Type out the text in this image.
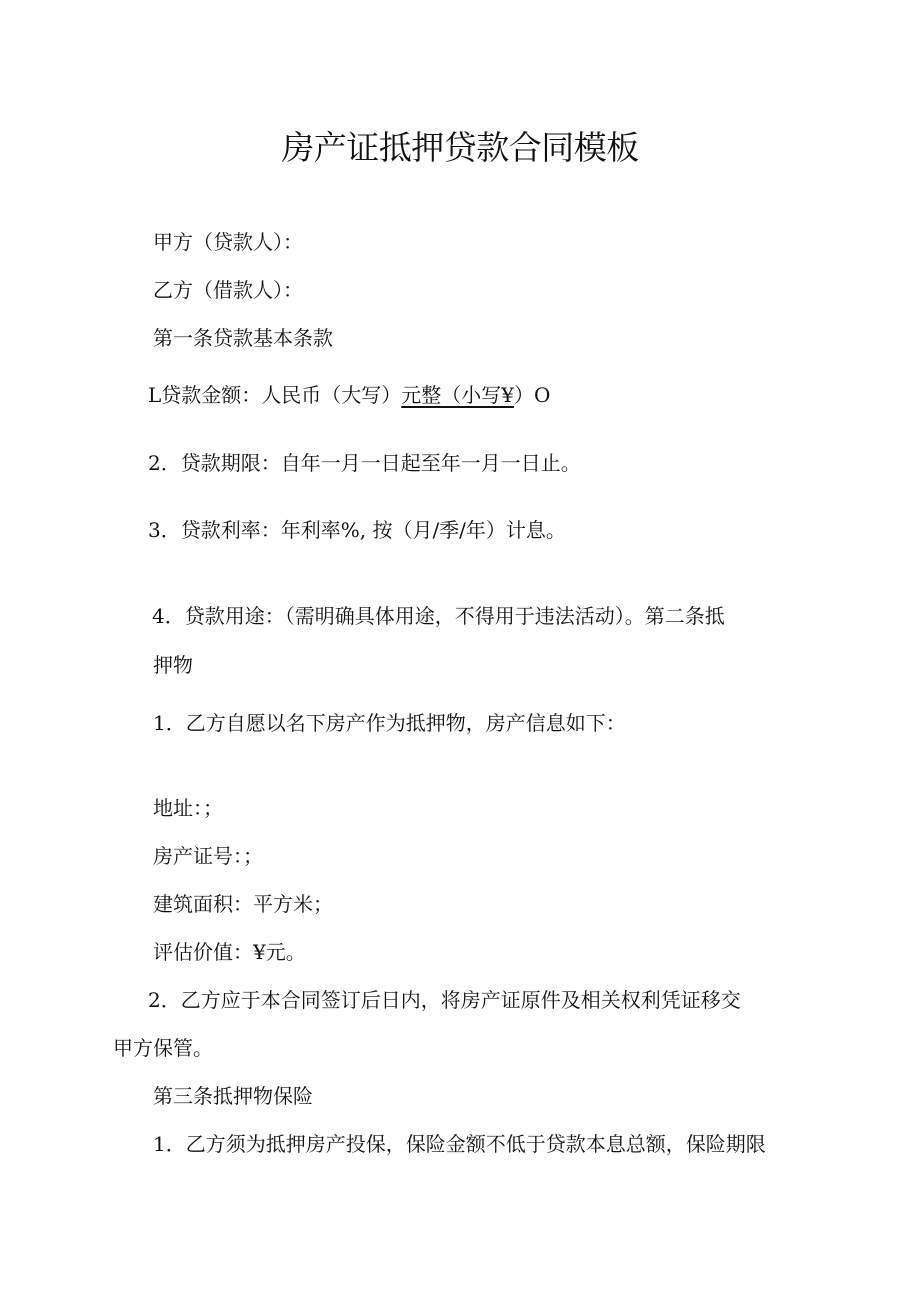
房产证抵押贷款合同模板
甲方（贷款人）：
乙方（借款人）：
第一条贷款基本条款
L贷款金额：人民币（大写）元整（小写¥）O
2．贷款期限：自年一月一日起至年一月一日止。
3．贷款利率：年利率%, 按（月/季/年）计息。
4．贷款用途：（需明确具体用途，不得用于违法活动）。第二条抵
押物
1．乙方自愿以名下房产作为抵押物，房产信息如下：
地址：；
房产证号：；
建筑面积：平方米；
评估价值：¥元。
2．乙方应于本合同签订后日内，将房产证原件及相关权利凭证移交
甲方保管。
第三条抵押物保险
1．乙方须为抵押房产投保，保险金额不低于贷款本息总额，保险期限
